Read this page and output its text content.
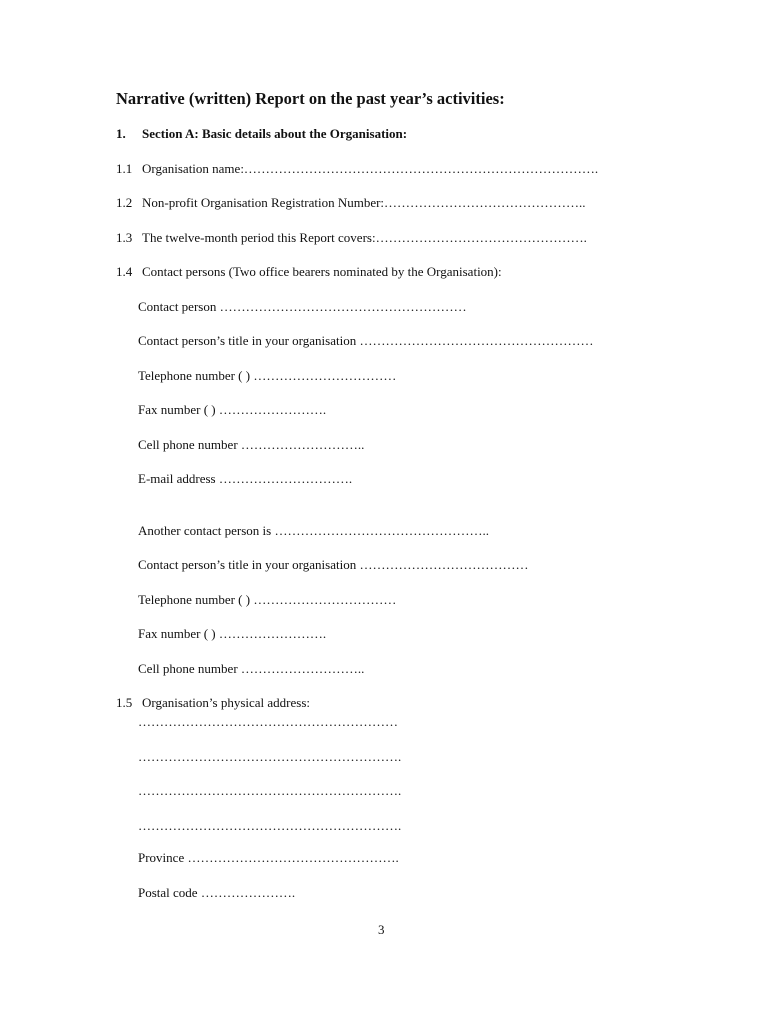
Narrative (written) Report on the past year’s activities:
1. Section A: Basic details about the Organisation:
1.1 Organisation name:……………………………………………………………………….
1.2 Non-profit Organisation Registration Number:………………………………………..
1.3 The twelve-month period this Report covers:………………………………………….
1.4 Contact persons (Two office bearers nominated by the Organisation):
Contact person …………………………………………………
Contact person’s title in your organisation ………………………………………………
Telephone number ( ) ……………………………
Fax number ( ) …………………….
Cell phone number ………………………..
E-mail address ………………………….
Another contact person is …………………………………………..
Contact person’s title in your organisation …………………………………
Telephone number ( ) ……………………………
Fax number ( ) …………………….
Cell phone number ………………………..
1.5 Organisation’s physical address:
……………………………………………………
…………………………………………………….
…………………………………………………….
…………………………………………………….
Province ………………………………………….
Postal code ………………….
3
